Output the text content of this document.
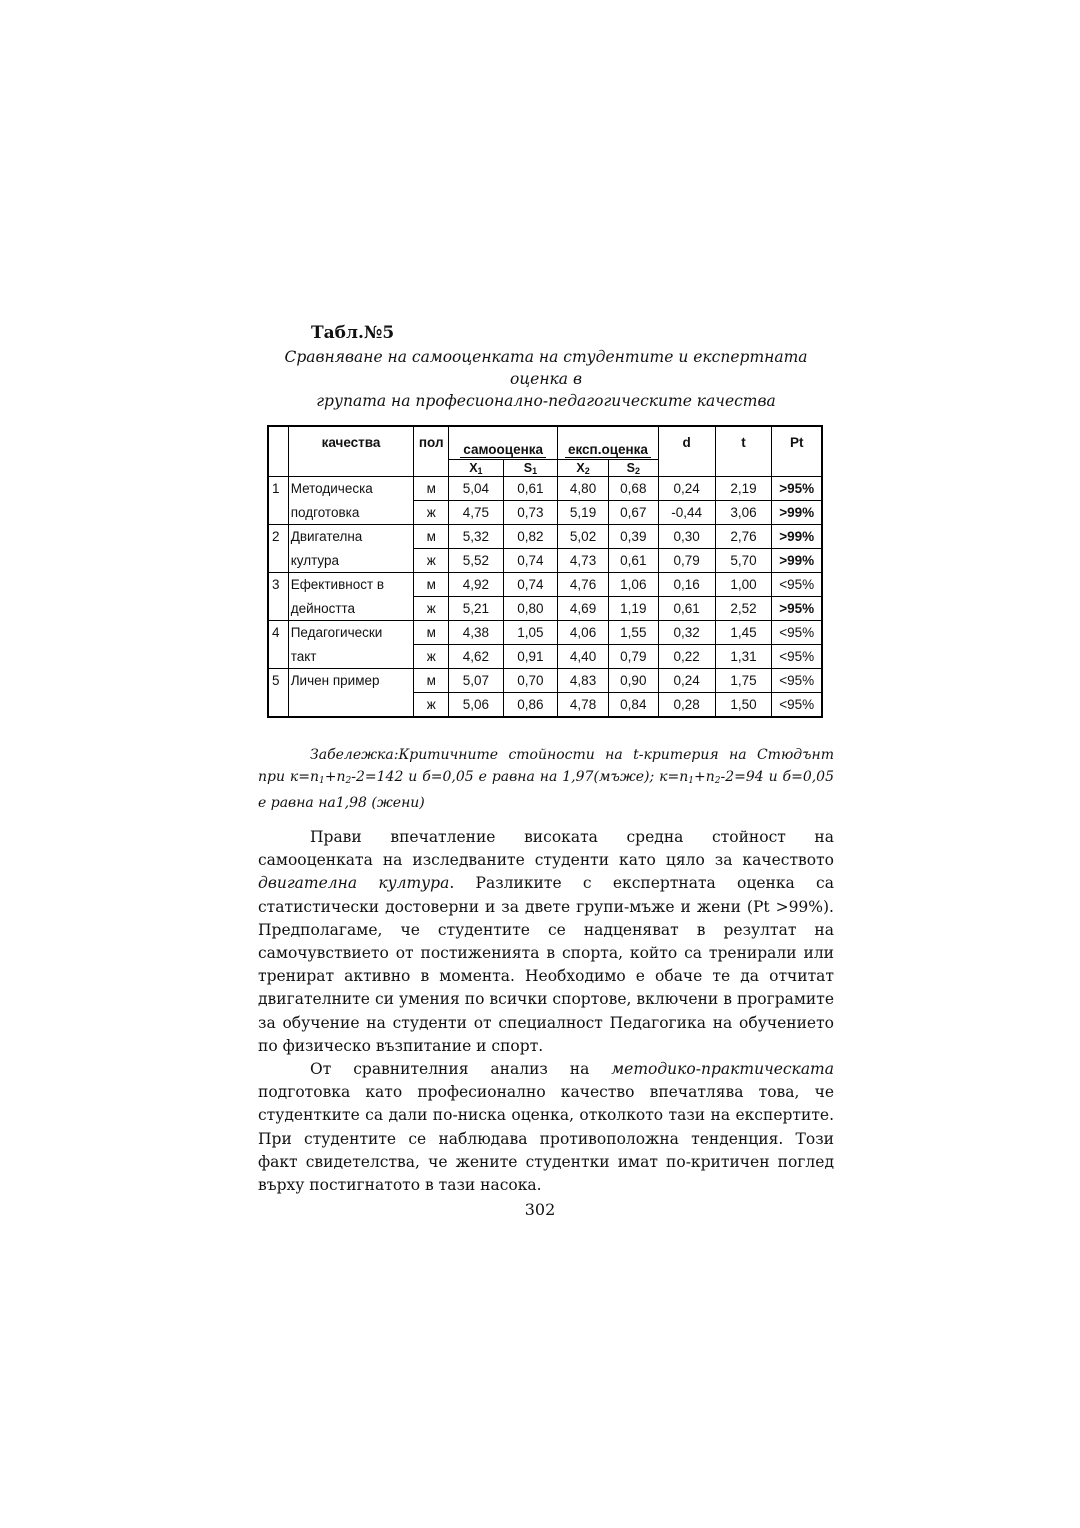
Табл.№5
Сравняване на самооценката на студентите и експертната оценка в
групата на професионално-педагогическите качества
	качества	пол	самооценка		експ.оценка		d	t	Pt
			$X_1$	$S_1$	$X_2$	$S_2$
1	Методическа	м	5,04	0,61	4,80	0,68	0,24	2,19	>95%
	подготовка	ж	4,75	0,73	5,19	0,67	-0,44	3,06	>99%
2	Двигателна	м	5,32	0,82	5,02	0,39	0,30	2,76	>99%
	култура	ж	5,52	0,74	4,73	0,61	0,79	5,70	>99%
3	Ефективност в	м	4,92	0,74	4,76	1,06	0,16	1,00	<95%
	дейността	ж	5,21	0,80	4,69	1,19	0,61	2,52	>95%
4	Педагогически	м	4,38	1,05	4,06	1,55	0,32	1,45	<95%
	такт	ж	4,62	0,91	4,40	0,79	0,22	1,31	<95%
5	Личен пример	м	5,07	0,70	4,83	0,90	0,24	1,75	<95%
		ж	5,06	0,86	4,78	0,84	0,28	1,50	<95%
Забележка:Критичните стойности на t-критерия на Стюдънт при $к=n_1+n_2-2=142$ и б=0,05 е равна на 1,97(мъже); $к=n_1+n_2-2=94$ и б=0,05 е равна на1,98 (жени)

Прави впечатление високата средна стойност на самооценката на изследваните студенти като цяло за качеството двигателна култура. Разликите с експертната оценка са статистически достоверни и за двете групи-мъже и жени (Pt >99%). Предполагаме, че студентите се надценяват в резултат на самочувствието от постиженията в спорта, който са тренирали или тренират активно в момента. Необходимо е обаче те да отчитат двигателните си умения по всички спортове, включени в програмите за обучение на студенти от специалност Педагогика на обучението по физическо възпитание и спорт.

От сравнителния анализ на методико-практическата подготовка като професионално качество впечатлява това, че студентките са дали по-ниска оценка, отколкото тази на експертите. При студентите се наблюдава противоположна тенденция. Този факт свидетелства, че жените студентки имат по-критичен поглед върху постигнатото в тази насока.

302
